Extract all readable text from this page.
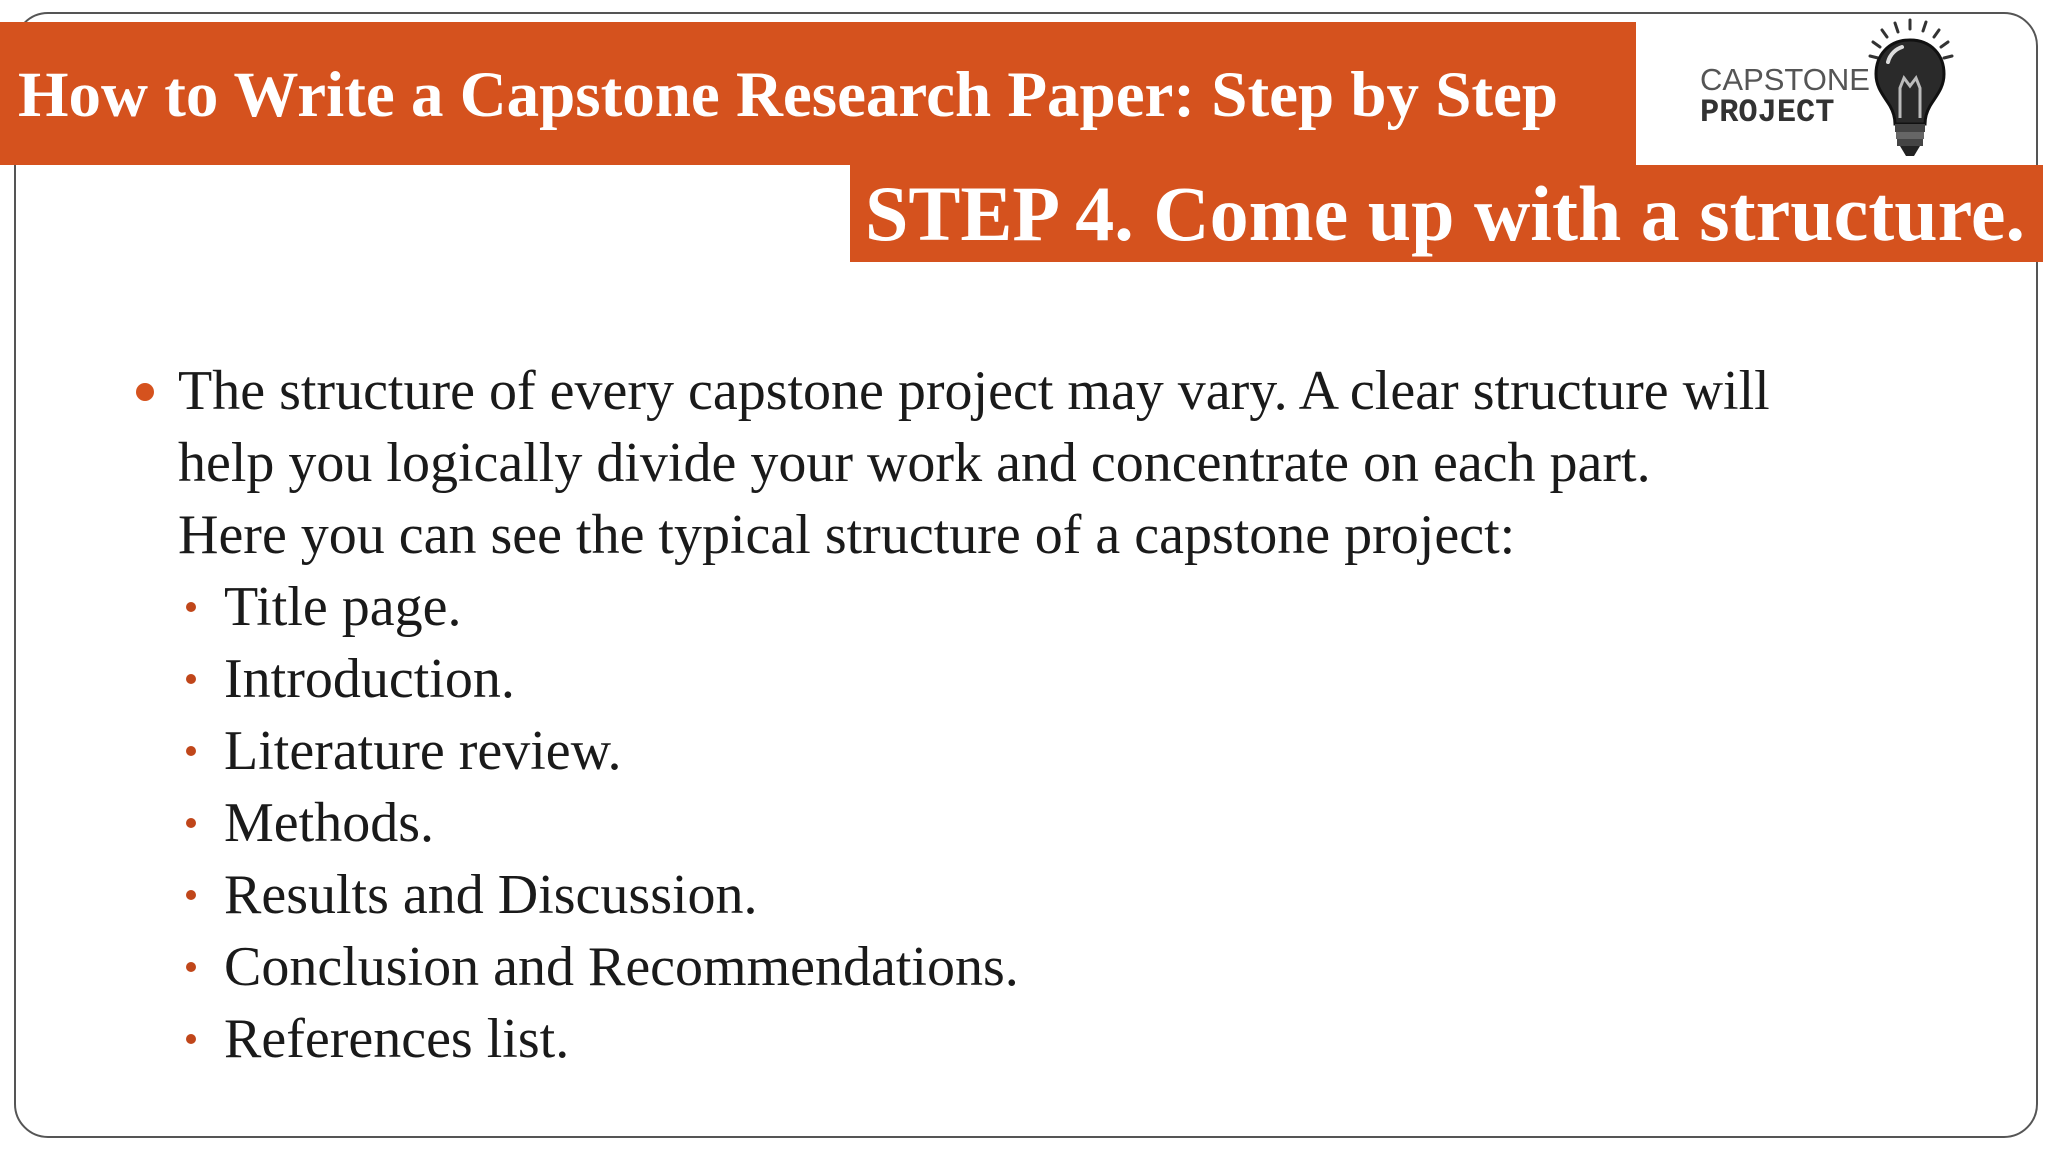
How to Write a Capstone Research Paper: Step by Step
STEP 4. Come up with a structure.
CAPSTONE
PROJECT

The structure of every capstone project may vary. A clear structure will

help you logically divide your work and concentrate on each part.

Here you can see the typical structure of a capstone project:

Title page.
Introduction.
Literature review.
Methods.
Results and Discussion.
Conclusion and Recommendations.
References list.
